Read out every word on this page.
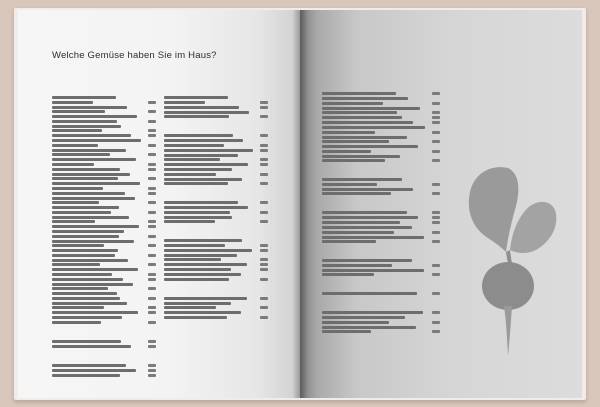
Welche Gemüse haben Sie im Haus?
